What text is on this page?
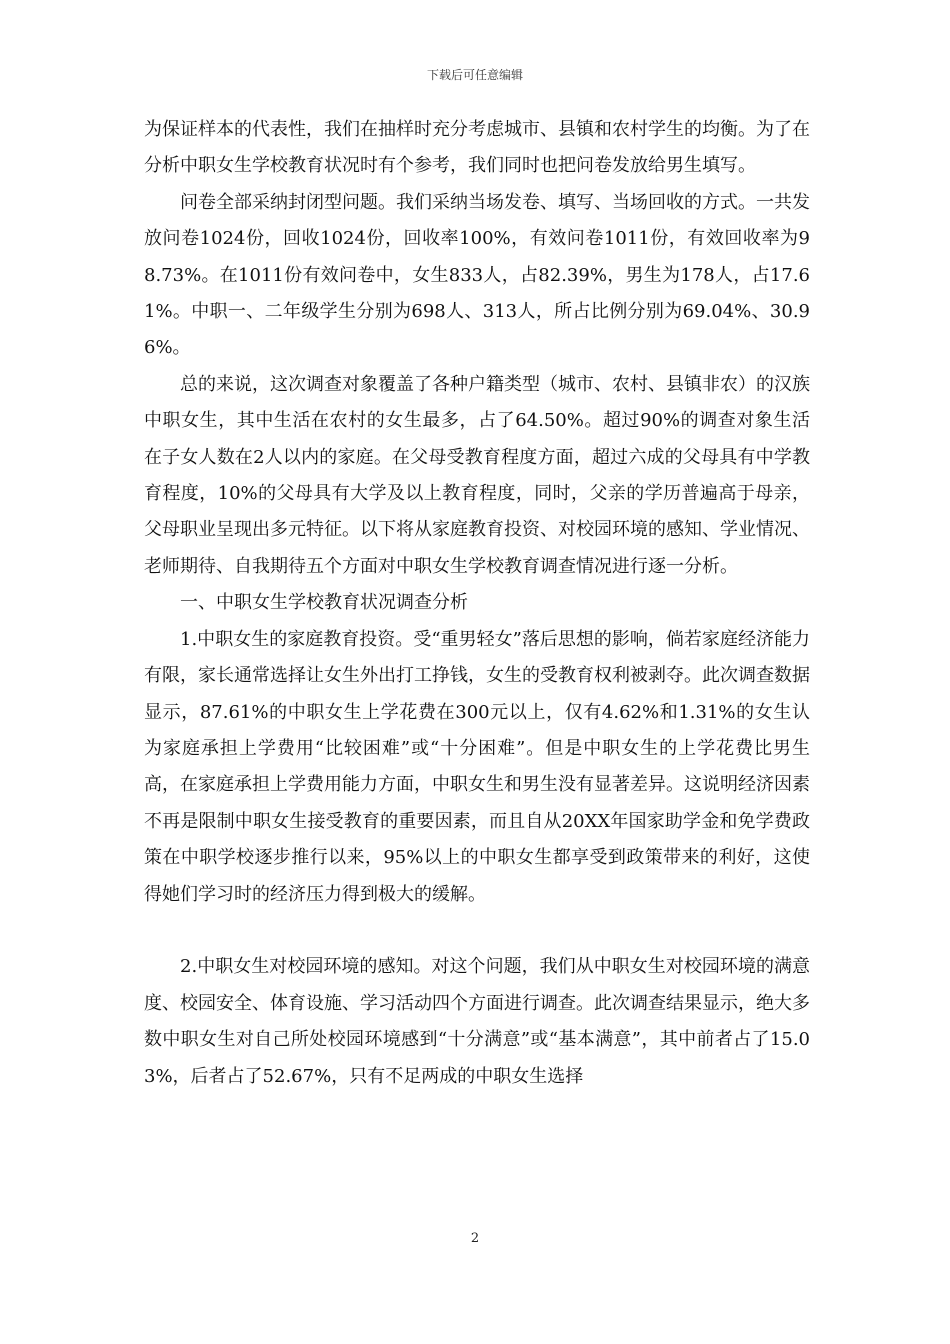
下载后可任意编辑

为保证样本的代表性，我们在抽样时充分考虑城市、县镇和农村学生的均衡。为了在分析中职女生学校教育状况时有个参考，我们同时也把问卷发放给男生填写。

问卷全部采纳封闭型问题。我们采纳当场发卷、填写、当场回收的方式。一共发放问卷1024份，回收1024份，回收率100%，有效问卷1011份，有效回收率为98.73%。在1011份有效问卷中，女生833人，占82.39%，男生为178人，占17.61%。中职一、二年级学生分别为698人、313人，所占比例分别为69.04%、30.96%。

总的来说，这次调查对象覆盖了各种户籍类型（城市、农村、县镇非农）的汉族中职女生，其中生活在农村的女生最多，占了64.50%。超过90%的调查对象生活在子女人数在2人以内的家庭。在父母受教育程度方面，超过六成的父母具有中学教育程度，10%的父母具有大学及以上教育程度，同时，父亲的学历普遍高于母亲，父母职业呈现出多元特征。以下将从家庭教育投资、对校园环境的感知、学业情况、老师期待、自我期待五个方面对中职女生学校教育调查情况进行逐一分析。

一、中职女生学校教育状况调查分析

1.中职女生的家庭教育投资。受“重男轻女”落后思想的影响，倘若家庭经济能力有限，家长通常选择让女生外出打工挣钱，女生的受教育权利被剥夺。此次调查数据显示，87.61%的中职女生上学花费在300元以上，仅有4.62%和1.31%的女生认为家庭承担上学费用“比较困难”或“十分困难”。但是中职女生的上学花费比男生高，在家庭承担上学费用能力方面，中职女生和男生没有显著差异。这说明经济因素不再是限制中职女生接受教育的重要因素，而且自从20XX年国家助学金和免学费政策在中职学校逐步推行以来，95%以上的中职女生都享受到政策带来的利好，这使得她们学习时的经济压力得到极大的缓解。

2.中职女生对校园环境的感知。对这个问题，我们从中职女生对校园环境的满意度、校园安全、体育设施、学习活动四个方面进行调查。此次调查结果显示，绝大多数中职女生对自己所处校园环境感到“十分满意”或“基本满意”，其中前者占了15.03%，后者占了52.67%，只有不足两成的中职女生选择

2
